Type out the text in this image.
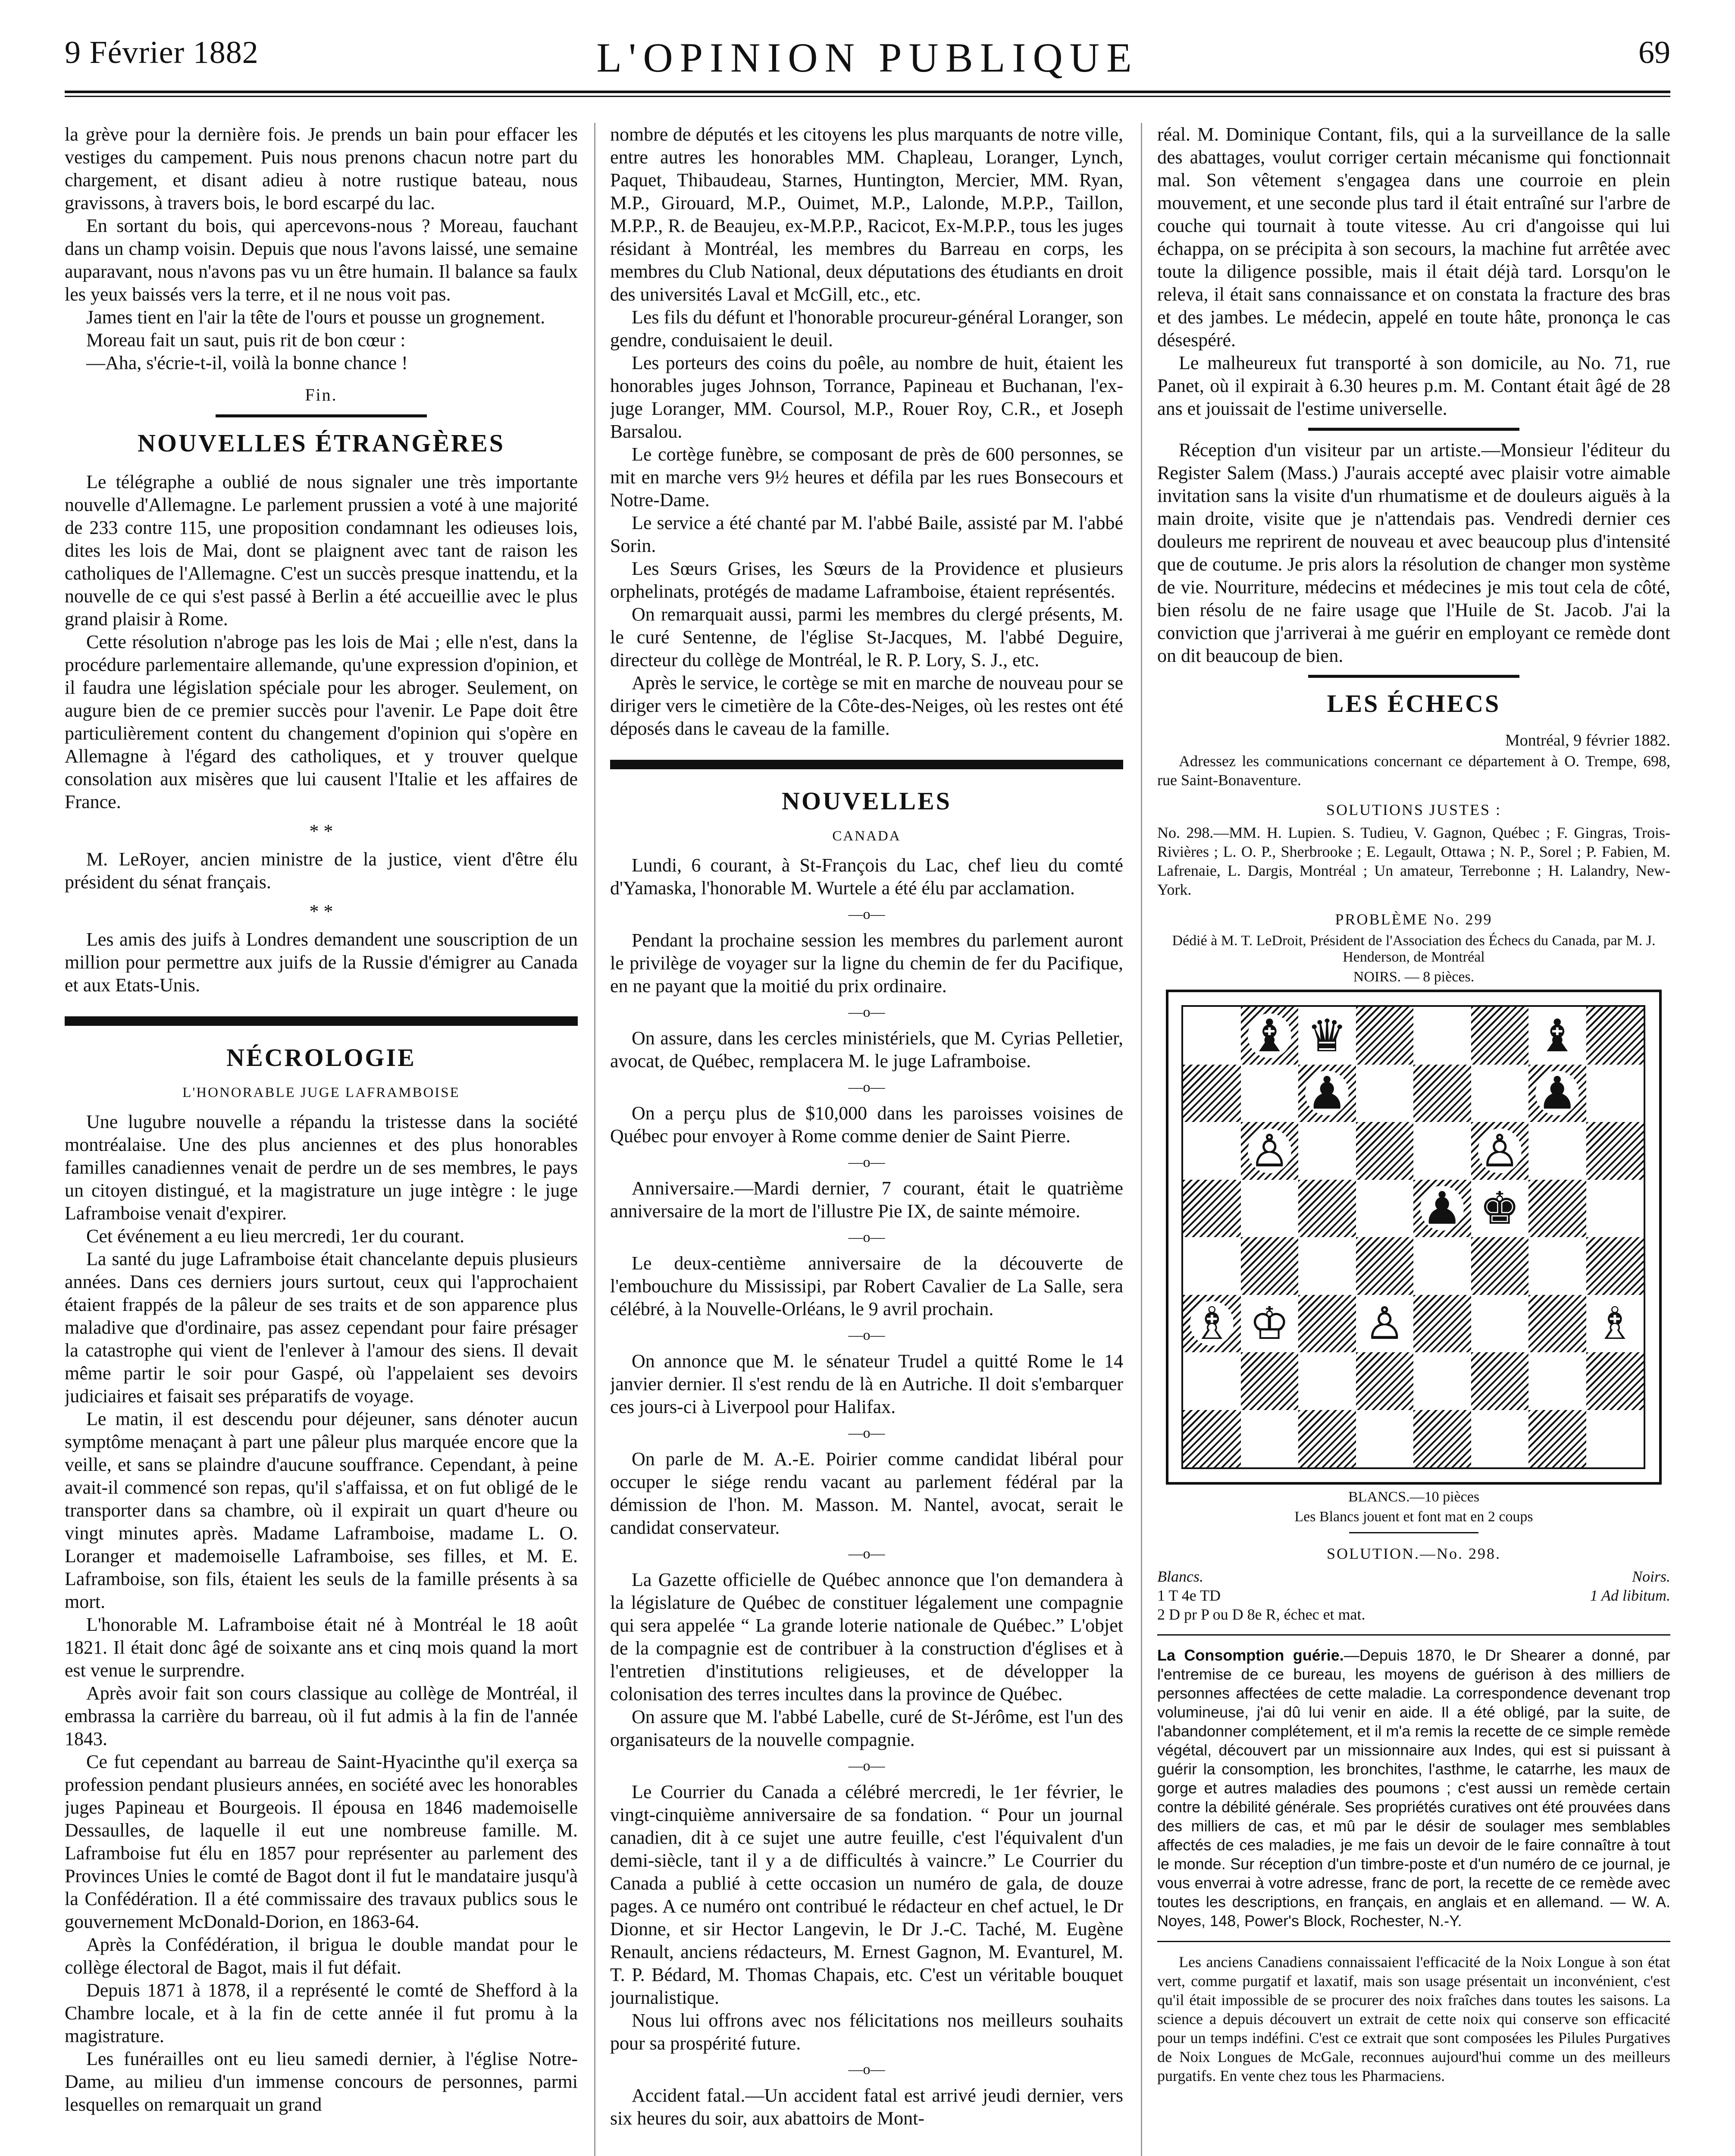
9 Février 1882	L'OPINION PUBLIQUE	69

la grève pour la dernière fois. Je prends un bain pour effacer les vestiges du campement. Puis nous prenons chacun notre part du chargement, et disant adieu à notre rustique bateau, nous gravissons, à travers bois, le bord escarpé du lac.

En sortant du bois, qui apercevons-nous ? Moreau, fauchant dans un champ voisin. Depuis que nous l'avons laissé, une semaine auparavant, nous n'avons pas vu un être humain. Il balance sa faulx les yeux baissés vers la terre, et il ne nous voit pas.

James tient en l'air la tête de l'ours et pousse un grognement.

Moreau fait un saut, puis rit de bon cœur :

—Aha, s'écrie-t-il, voilà la bonne chance !

Fin.
NOUVELLES ÉTRANGÈRES

Le télégraphe a oublié de nous signaler une très importante nouvelle d'Allemagne. Le parlement prussien a voté à une majorité de 233 contre 115, une proposition condamnant les odieuses lois, dites les lois de Mai, dont se plaignent avec tant de raison les catholiques de l'Allemagne. C'est un succès presque inattendu, et la nouvelle de ce qui s'est passé à Berlin a été accueillie avec le plus grand plaisir à Rome.

Cette résolution n'abroge pas les lois de Mai ; elle n'est, dans la procédure parlementaire allemande, qu'une expression d'opinion, et il faudra une législation spéciale pour les abroger. Seulement, on augure bien de ce premier succès pour l'avenir. Le Pape doit être particulièrement content du changement d'opinion qui s'opère en Allemagne à l'égard des catholiques, et y trouver quelque consolation aux misères que lui causent l'Italie et les affaires de France.

* *

M. LeRoyer, ancien ministre de la justice, vient d'être élu président du sénat français.

* *

Les amis des juifs à Londres demandent une souscription de un million pour permettre aux juifs de la Russie d'émigrer au Canada et aux Etats-Unis.

NÉCROLOGIE
L'HONORABLE JUGE LAFRAMBOISE

Une lugubre nouvelle a répandu la tristesse dans la société montréalaise. Une des plus anciennes et des plus honorables familles canadiennes venait de perdre un de ses membres, le pays un citoyen distingué, et la magistrature un juge intègre : le juge Laframboise venait d'expirer.

Cet événement a eu lieu mercredi, 1er du courant.

La santé du juge Laframboise était chancelante depuis plusieurs années. Dans ces derniers jours surtout, ceux qui l'approchaient étaient frappés de la pâleur de ses traits et de son apparence plus maladive que d'ordinaire, pas assez cependant pour faire présager la catastrophe qui vient de l'enlever à l'amour des siens. Il devait même partir le soir pour Gaspé, où l'appelaient ses devoirs judiciaires et faisait ses préparatifs de voyage.

Le matin, il est descendu pour déjeuner, sans dénoter aucun symptôme menaçant à part une pâleur plus marquée encore que la veille, et sans se plaindre d'aucune souffrance. Cependant, à peine avait-il commencé son repas, qu'il s'affaissa, et on fut obligé de le transporter dans sa chambre, où il expirait un quart d'heure ou vingt minutes après. Madame Laframboise, madame L. O. Loranger et mademoiselle Laframboise, ses filles, et M. E. Laframboise, son fils, étaient les seuls de la famille présents à sa mort.

L'honorable M. Laframboise était né à Montréal le 18 août 1821. Il était donc âgé de soixante ans et cinq mois quand la mort est venue le surprendre.

Après avoir fait son cours classique au collège de Montréal, il embrassa la carrière du barreau, où il fut admis à la fin de l'année 1843.

Ce fut cependant au barreau de Saint-Hyacinthe qu'il exerça sa profession pendant plusieurs années, en société avec les honorables juges Papineau et Bourgeois. Il épousa en 1846 mademoiselle Dessaulles, de laquelle il eut une nombreuse famille. M. Laframboise fut élu en 1857 pour représenter au parlement des Provinces Unies le comté de Bagot dont il fut le mandataire jusqu'à la Confédération. Il a été commissaire des travaux publics sous le gouvernement McDonald-Dorion, en 1863-64.

Après la Confédération, il brigua le double mandat pour le collège électoral de Bagot, mais il fut défait.

Depuis 1871 à 1878, il a représenté le comté de Shefford à la Chambre locale, et à la fin de cette année il fut promu à la magistrature.

Les funérailles ont eu lieu samedi dernier, à l'église Notre-Dame, au milieu d'un immense concours de personnes, parmi lesquelles on remarquait un grand

nombre de députés et les citoyens les plus marquants de notre ville, entre autres les honorables MM. Chapleau, Loranger, Lynch, Paquet, Thibaudeau, Starnes, Huntington, Mercier, MM. Ryan, M.P., Girouard, M.P., Ouimet, M.P., Lalonde, M.P.P., Taillon, M.P.P., R. de Beaujeu, ex-M.P.P., Racicot, Ex-M.P.P., tous les juges résidant à Montréal, les membres du Barreau en corps, les membres du Club National, deux députations des étudiants en droit des universités Laval et McGill, etc., etc.

Les fils du défunt et l'honorable procureur-général Loranger, son gendre, conduisaient le deuil.

Les porteurs des coins du poêle, au nombre de huit, étaient les honorables juges Johnson, Torrance, Papineau et Buchanan, l'ex-juge Loranger, MM. Coursol, M.P., Rouer Roy, C.R., et Joseph Barsalou.

Le cortège funèbre, se composant de près de 600 personnes, se mit en marche vers 9½ heures et défila par les rues Bonsecours et Notre-Dame.

Le service a été chanté par M. l'abbé Baile, assisté par M. l'abbé Sorin.

Les Sœurs Grises, les Sœurs de la Providence et plusieurs orphelinats, protégés de madame Laframboise, étaient représentés.

On remarquait aussi, parmi les membres du clergé présents, M. le curé Sentenne, de l'église St-Jacques, M. l'abbé Deguire, directeur du collège de Montréal, le R. P. Lory, S. J., etc.

Après le service, le cortège se mit en marche de nouveau pour se diriger vers le cimetière de la Côte-des-Neiges, où les restes ont été déposés dans le caveau de la famille.

NOUVELLES
CANADA

Lundi, 6 courant, à St-François du Lac, chef lieu du comté d'Yamaska, l'honorable M. Wurtele a été élu par acclamation.

—o—

Pendant la prochaine session les membres du parlement auront le privilège de voyager sur la ligne du chemin de fer du Pacifique, en ne payant que la moitié du prix ordinaire.

—o—

On assure, dans les cercles ministériels, que M. Cyrias Pelletier, avocat, de Québec, remplacera M. le juge Laframboise.

—o—

On a perçu plus de $10,000 dans les paroisses voisines de Québec pour envoyer à Rome comme denier de Saint Pierre.

—o—

Anniversaire.—Mardi dernier, 7 courant, était le quatrième anniversaire de la mort de l'illustre Pie IX, de sainte mémoire.

—o—

Le deux-centième anniversaire de la découverte de l'embouchure du Mississipi, par Robert Cavalier de La Salle, sera célébré, à la Nouvelle-Orléans, le 9 avril prochain.

—o—

On annonce que M. le sénateur Trudel a quitté Rome le 14 janvier dernier. Il s'est rendu de là en Autriche. Il doit s'embarquer ces jours-ci à Liverpool pour Halifax.

—o—

On parle de M. A.-E. Poirier comme candidat libéral pour occuper le siége rendu vacant au parlement fédéral par la démission de l'hon. M. Masson. M. Nantel, avocat, serait le candidat conservateur.

—o—

La Gazette officielle de Québec annonce que l'on demandera à la législature de Québec de constituer légalement une compagnie qui sera appelée “ La grande loterie nationale de Québec.” L'objet de la compagnie est de contribuer à la construction d'églises et à l'entretien d'institutions religieuses, et de développer la colonisation des terres incultes dans la province de Québec.

On assure que M. l'abbé Labelle, curé de St-Jérôme, est l'un des organisateurs de la nouvelle compagnie.

—o—

Le Courrier du Canada a célébré mercredi, le 1er février, le vingt-cinquième anniversaire de sa fondation. “ Pour un journal canadien, dit à ce sujet une autre feuille, c'est l'équivalent d'un demi-siècle, tant il y a de difficultés à vaincre.” Le Courrier du Canada a publié à cette occasion un numéro de gala, de douze pages. A ce numéro ont contribué le rédacteur en chef actuel, le Dr Dionne, et sir Hector Langevin, le Dr J.-C. Taché, M. Eugène Renault, anciens rédacteurs, M. Ernest Gagnon, M. Evanturel, M. T. P. Bédard, M. Thomas Chapais, etc. C'est un véritable bouquet journalistique.

Nous lui offrons avec nos félicitations nos meilleurs souhaits pour sa prospérité future.

—o—

Accident fatal.—Un accident fatal est arrivé jeudi dernier, vers six heures du soir, aux abattoirs de Mont-

réal. M. Dominique Contant, fils, qui a la surveillance de la salle des abattages, voulut corriger certain mécanisme qui fonctionnait mal. Son vêtement s'engagea dans une courroie en plein mouvement, et une seconde plus tard il était entraîné sur l'arbre de couche qui tournait à toute vitesse. Au cri d'angoisse qui lui échappa, on se précipita à son secours, la machine fut arrêtée avec toute la diligence possible, mais il était déjà tard. Lorsqu'on le releva, il était sans connaissance et on constata la fracture des bras et des jambes. Le médecin, appelé en toute hâte, prononça le cas désespéré.

Le malheureux fut transporté à son domicile, au No. 71, rue Panet, où il expirait à 6.30 heures p.m. M. Contant était âgé de 28 ans et jouissait de l'estime universelle.

Réception d'un visiteur par un artiste.—Monsieur l'éditeur du Register Salem (Mass.) J'aurais accepté avec plaisir votre aimable invitation sans la visite d'un rhumatisme et de douleurs aiguës à la main droite, visite que je n'attendais pas. Vendredi dernier ces douleurs me reprirent de nouveau et avec beaucoup plus d'intensité que de coutume. Je pris alors la résolution de changer mon système de vie. Nourriture, médecins et médecines je mis tout cela de côté, bien résolu de ne faire usage que l'Huile de St. Jacob. J'ai la conviction que j'arriverai à me guérir en employant ce remède dont on dit beaucoup de bien.

LES ÉCHECS
Montréal, 9 février 1882.

Adressez les communications concernant ce département à O. Trempe, 698, rue Saint-Bonaventure.

SOLUTIONS JUSTES :

No. 298.—MM. H. Lupien. S. Tudieu, V. Gagnon, Québec ; F. Gingras, Trois-Rivières ; L. O. P., Sherbrooke ; E. Legault, Ottawa ; N. P., Sorel ; P. Fabien, M. Lafrenaie, L. Dargis, Montréal ; Un amateur, Terrebonne ; H. Lalandry, New-York.

PROBLÈME No. 299
Dédié à M. T. LeDroit, Président de l'Association des Échecs du Canada, par M. J. Henderson, de Montréal
NOIRS. — 8 pièces.
♝ ♛	♝
♟	♟
♙	♙
♟ ♚
♗ ♔ ♙	♗
BLANCS.—10 pièces
Les Blancs jouent et font mat en 2 coups
SOLUTION.—No. 298.
Blancs.	Noirs.
1 T 4e TD	1 Ad libitum.
2 D pr P ou D 8e R, échec et mat.

La Consomption guérie.—Depuis 1870, le Dr Shearer a donné, par l'entremise de ce bureau, les moyens de guérison à des milliers de personnes affectées de cette maladie. La correspondence devenant trop volumineuse, j'ai dû lui venir en aide. Il a été obligé, par la suite, de l'abandonner complétement, et il m'a remis la recette de ce simple remède végétal, découvert par un missionnaire aux Indes, qui est si puissant à guérir la consomption, les bronchites, l'asthme, le catarrhe, les maux de gorge et autres maladies des poumons ; c'est aussi un remède certain contre la débilité générale. Ses propriétés curatives ont été prouvées dans des milliers de cas, et mû par le désir de soulager mes semblables affectés de ces maladies, je me fais un devoir de le faire connaître à tout le monde. Sur réception d'un timbre-poste et d'un numéro de ce journal, je vous enverrai à votre adresse, franc de port, la recette de ce remède avec toutes les descriptions, en français, en anglais et en allemand. — W. A. Noyes, 148, Power's Block, Rochester, N.-Y.

Les anciens Canadiens connaissaient l'efficacité de la Noix Longue à son état vert, comme purgatif et laxatif, mais son usage présentait un inconvénient, c'est qu'il était impossible de se procurer des noix fraîches dans toutes les saisons. La science a depuis découvert un extrait de cette noix qui conserve son efficacité pour un temps indéfini. C'est ce extrait que sont composées les Pilules Purgatives de Noix Longues de McGale, reconnues aujourd'hui comme un des meilleurs purgatifs. En vente chez tous les Pharmaciens.
